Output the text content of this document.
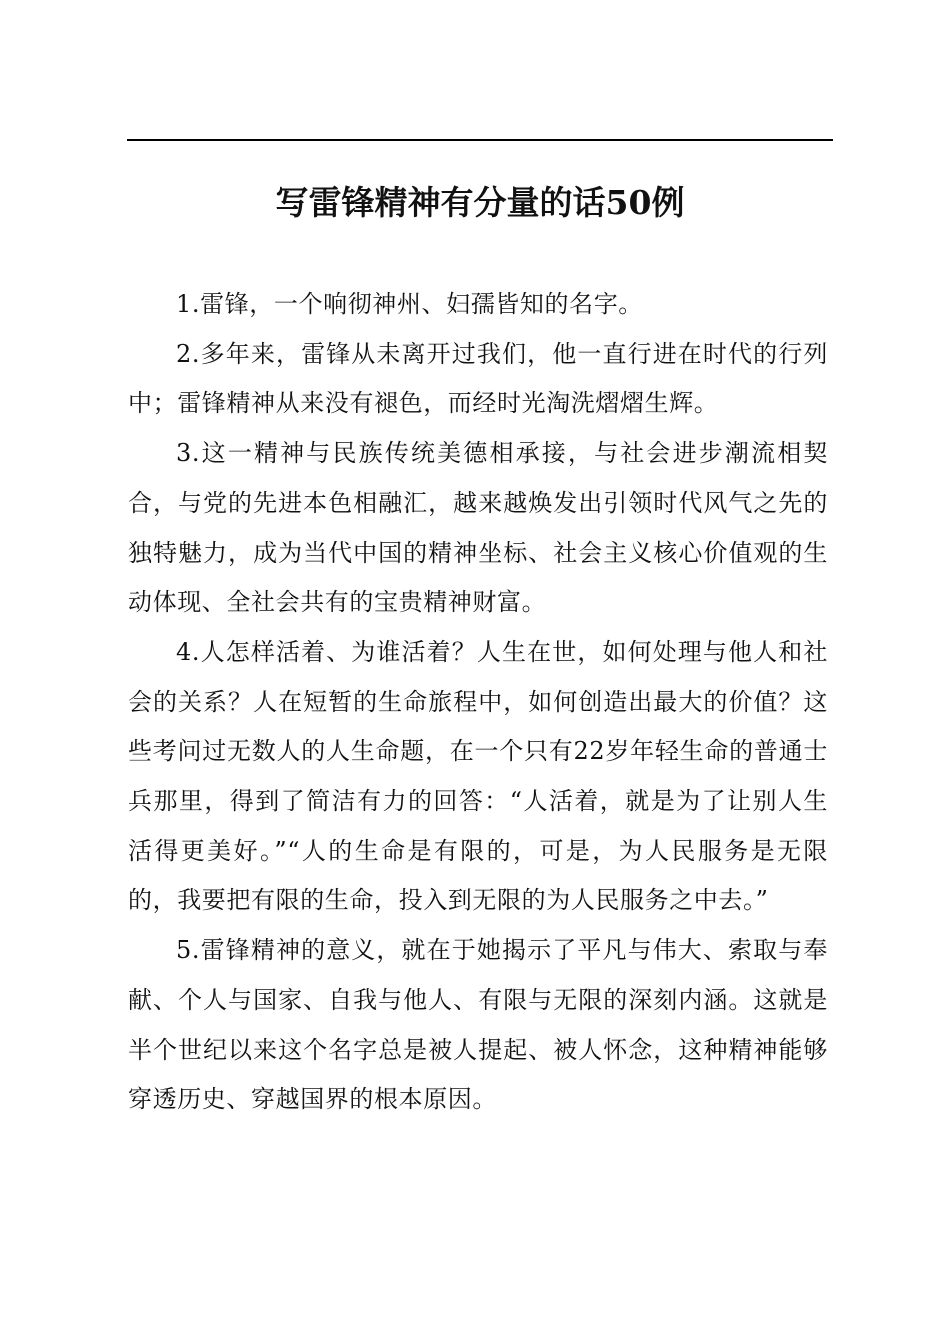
写雷锋精神有分量的话50例

1.雷锋，一个响彻神州、妇孺皆知的名字。

2.多年来，雷锋从未离开过我们，他一直行进在时代的行列中；雷锋精神从来没有褪色，而经时光淘洗熠熠生辉。

3.这一精神与民族传统美德相承接，与社会进步潮流相契合，与党的先进本色相融汇，越来越焕发出引领时代风气之先的独特魅力，成为当代中国的精神坐标、社会主义核心价值观的生动体现、全社会共有的宝贵精神财富。

4.人怎样活着、为谁活着？人生在世，如何处理与他人和社会的关系？人在短暂的生命旅程中，如何创造出最大的价值？这些考问过无数人的人生命题，在一个只有22岁年轻生命的普通士兵那里，得到了简洁有力的回答：“人活着，就是为了让别人生活得更美好。”“人的生命是有限的，可是，为人民服务是无限的，我要把有限的生命，投入到无限的为人民服务之中去。”

5.雷锋精神的意义，就在于她揭示了平凡与伟大、索取与奉献、个人与国家、自我与他人、有限与无限的深刻内涵。这就是半个世纪以来这个名字总是被人提起、被人怀念，这种精神能够穿透历史、穿越国界的根本原因。
